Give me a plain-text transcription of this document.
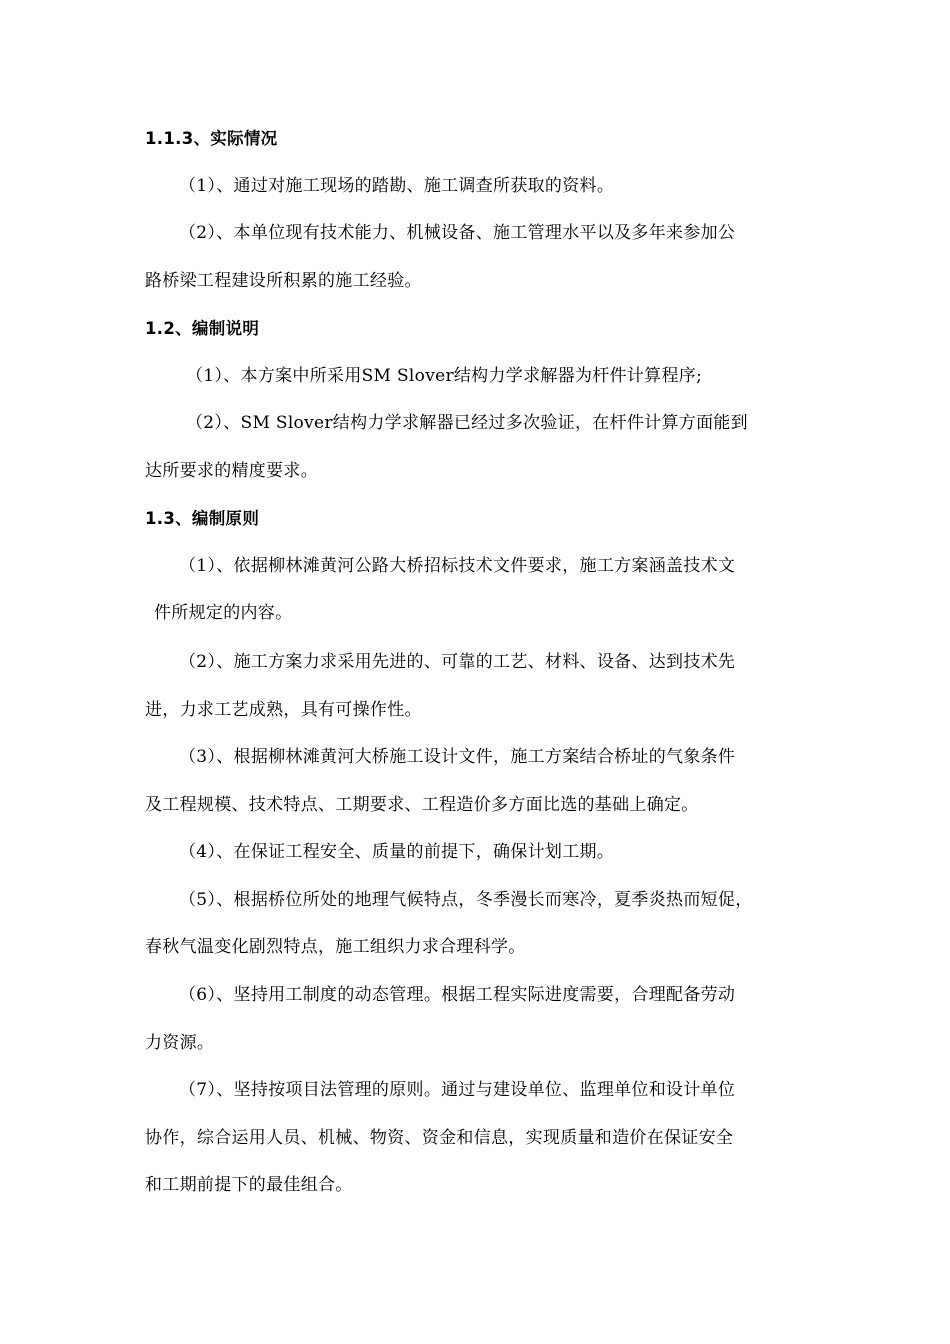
1.1.3、实际情况
（1）、通过对施工现场的踏勘、施工调查所获取的资料。
（2）、本单位现有技术能力、机械设备、施工管理水平以及多年来参加公
路桥梁工程建设所积累的施工经验。
1.2、编制说明
（1）、本方案中所采用SM Slover结构力学求解器为杆件计算程序;
（2）、SM Slover结构力学求解器已经过多次验证，在杆件计算方面能到
达所要求的精度要求。
1.3、编制原则
（1）、依据柳林滩黄河公路大桥招标技术文件要求，施工方案涵盖技术文
件所规定的内容。
（2）、施工方案力求采用先进的、可靠的工艺、材料、设备、达到技术先
进，力求工艺成熟，具有可操作性。
（3）、根据柳林滩黄河大桥施工设计文件，施工方案结合桥址的气象条件
及工程规模、技术特点、工期要求、工程造价多方面比选的基础上确定。
（4）、在保证工程安全、质量的前提下，确保计划工期。
（5）、根据桥位所处的地理气候特点，冬季漫长而寒冷，夏季炎热而短促，
春秋气温变化剧烈特点，施工组织力求合理科学。
（6）、坚持用工制度的动态管理。根据工程实际进度需要，合理配备劳动
力资源。
（7）、坚持按项目法管理的原则。通过与建设单位、监理单位和设计单位
协作，综合运用人员、机械、物资、资金和信息，实现质量和造价在保证安全
和工期前提下的最佳组合。
